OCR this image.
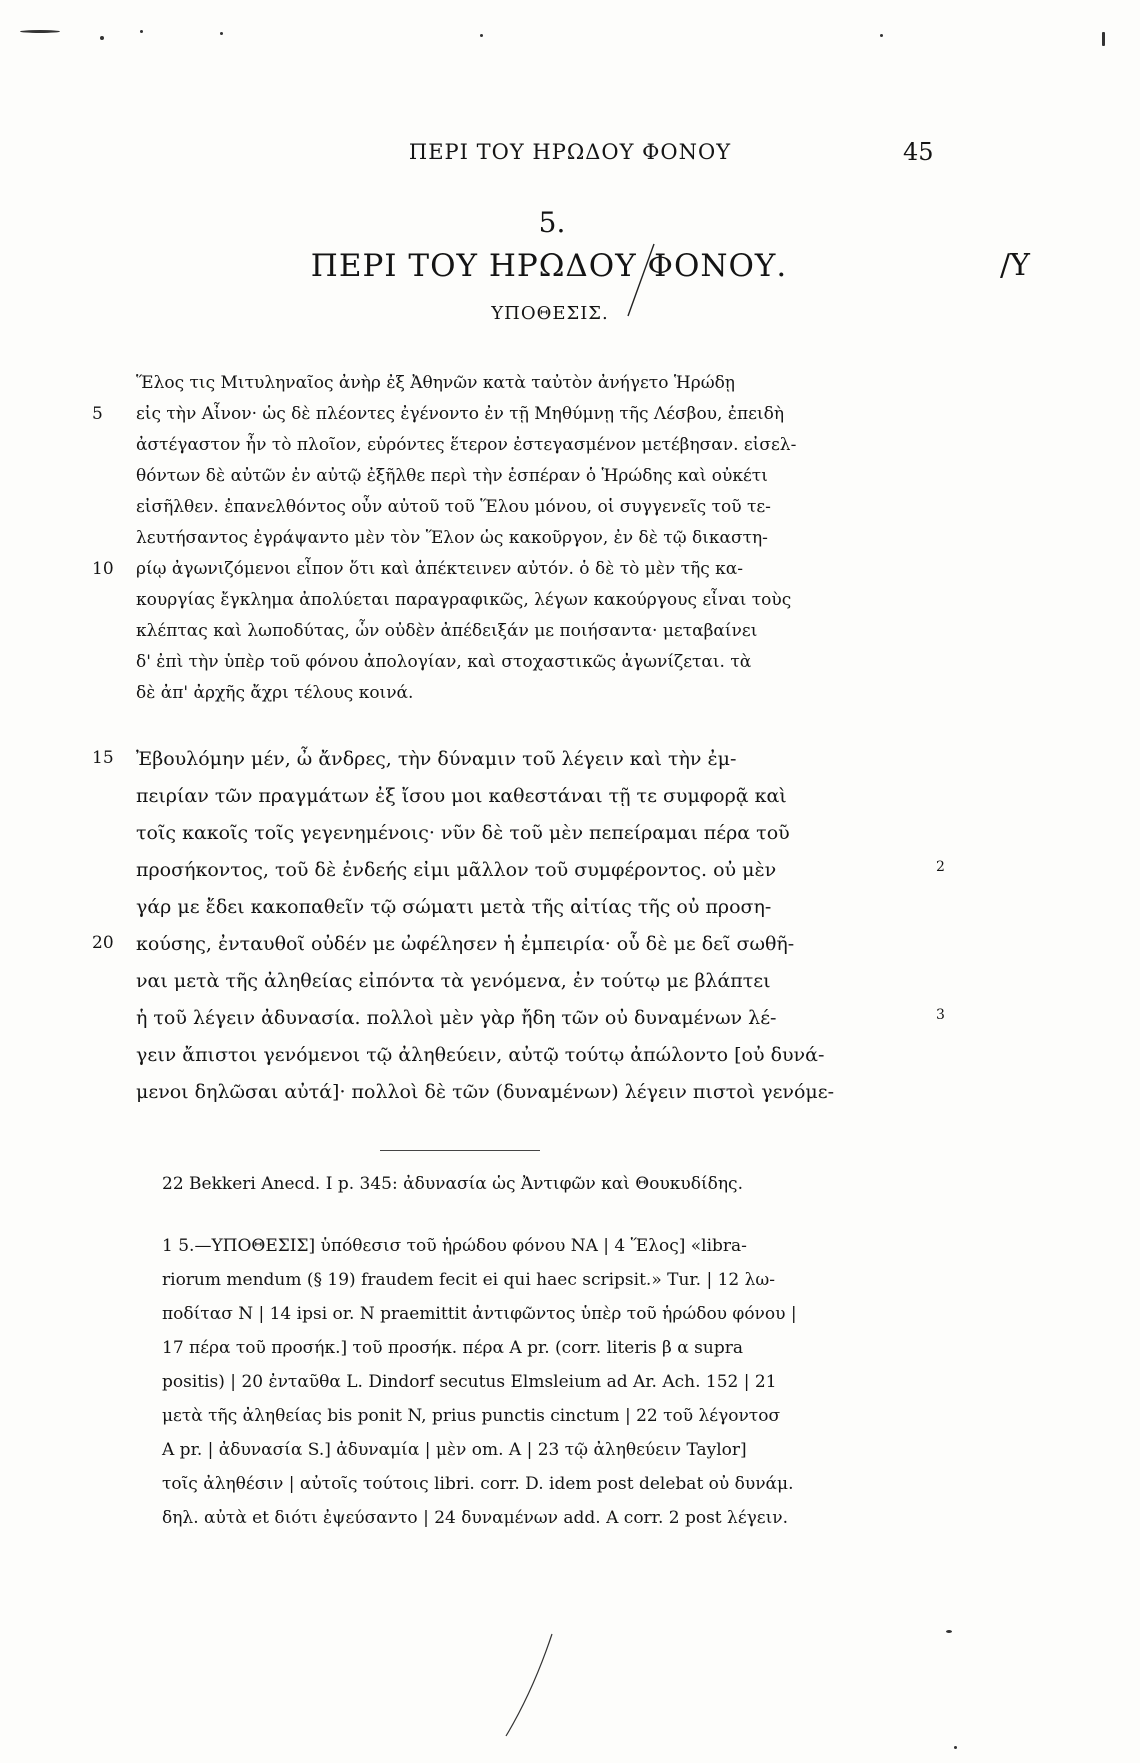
ΠΕΡΙ ΤΟΥ ΗΡΩΔΟΥ ΦΟΝΟΥ	45
5.
ΠΕΡΙ ΤΟΥ ΗΡΩΔΟΥ ΦΟΝΟΥ.	/Υ
ΥΠΟΘΕΣΙΣ.
Ἕλος τις Μιτυληναῖος ἀνὴρ ἐξ Ἀθηνῶν κατὰ ταὐτὸν ἀνήγετο Ἡρώδῃ
5 εἰς τὴν Αἶνον· ὡς δὲ πλέοντες ἐγένοντο ἐν τῇ Μηθύμνῃ τῆς Λέσβου, ἐπειδὴ
ἀστέγαστον ἦν τὸ πλοῖον, εὑρόντες ἕτερον ἐστεγασμένον μετέβησαν. εἰσελ-
θόντων δὲ αὐτῶν ἐν αὐτῷ ἐξῆλθε περὶ τὴν ἑσπέραν ὁ Ἡρώδης καὶ οὐκέτι
εἰσῆλθεν. ἐπανελθόντος οὖν αὐτοῦ τοῦ Ἕλου μόνου, οἱ συγγενεῖς τοῦ τε-
λευτήσαντος ἐγράψαντο μὲν τὸν Ἕλον ὡς κακοῦργον, ἐν δὲ τῷ δικαστη-
10 ρίῳ ἀγωνιζόμενοι εἶπον ὅτι καὶ ἀπέκτεινεν αὐτόν. ὁ δὲ τὸ μὲν τῆς κα-
κουργίας ἔγκλημα ἀπολύεται παραγραφικῶς, λέγων κακούργους εἶναι τοὺς
κλέπτας καὶ λωποδύτας, ὧν οὐδὲν ἀπέδειξάν με ποιήσαντα· μεταβαίνει
δ' ἐπὶ τὴν ὑπὲρ τοῦ φόνου ἀπολογίαν, καὶ στοχαστικῶς ἀγωνίζεται. τὰ
δὲ ἀπ' ἀρχῆς ἄχρι τέλους κοινά.
15 Ἐβουλόμην μέν, ὦ ἄνδρες, τὴν δύναμιν τοῦ λέγειν καὶ τὴν ἐμ-
πειρίαν τῶν πραγμάτων ἐξ ἴσου μοι καθεστάναι τῇ τε συμφορᾷ καὶ
τοῖς κακοῖς τοῖς γεγενημένοις· νῦν δὲ τοῦ μὲν πεπείραμαι πέρα τοῦ
προσήκοντος, τοῦ δὲ ἐνδεής εἰμι μᾶλλον τοῦ συμφέροντος. οὐ μὲν	2
γάρ με ἔδει κακοπαθεῖν τῷ σώματι μετὰ τῆς αἰτίας τῆς οὐ προση-
20 κούσης, ἐνταυθοῖ οὐδέν με ὠφέλησεν ἡ ἐμπειρία· οὗ δὲ με δεῖ σωθῆ-
ναι μετὰ τῆς ἀληθείας εἰπόντα τὰ γενόμενα, ἐν τούτῳ με βλάπτει
ἡ τοῦ λέγειν ἀδυνασία. πολλοὶ μὲν γὰρ ἤδη τῶν οὐ δυναμένων λέ-	3
γειν ἄπιστοι γενόμενοι τῷ ἀληθεύειν, αὐτῷ τούτῳ ἀπώλοντο [οὐ δυνά-
μενοι δηλῶσαι αὐτά]· πολλοὶ δὲ τῶν (δυναμένων) λέγειν πιστοὶ γενόμε-
22 Bekkeri Anecd. I p. 345: ἀδυνασία ὡς Ἀντιφῶν καὶ Θουκυδίδης.
1 5.—ΥΠΟΘΕΣΙΣ] ὑπόθεσισ τοῦ ἡρώδου φόνου NA | 4 Ἕλος] «libra-
riorum mendum (§ 19) fraudem fecit ei qui haec scripsit.» Tur. | 12 λω-
ποδίτασ N | 14 ipsi or. N praemittit ἀντιφῶντος ὑπὲρ τοῦ ἡρώδου φόνου |
17 πέρα τοῦ προσήκ.] τοῦ προσήκ. πέρα A pr. (corr. literis β α supra
positis) | 20 ἐνταῦθα L. Dindorf secutus Elmsleium ad Ar. Ach. 152 | 21
μετὰ τῆς ἀληθείας bis ponit N, prius punctis cinctum | 22 τοῦ λέγοντοσ
A pr. | ἀδυνασία S.] ἀδυναμία | μὲν om. A | 23 τῷ ἀληθεύειν Taylor]
τοῖς ἀληθέσιν | αὐτοῖς τούτοις libri. corr. D. idem post delebat οὐ δυνάμ.
δηλ. αὐτὰ et διότι ἐψεύσαντο | 24 δυναμένων add. A corr. 2 post λέγειν.
